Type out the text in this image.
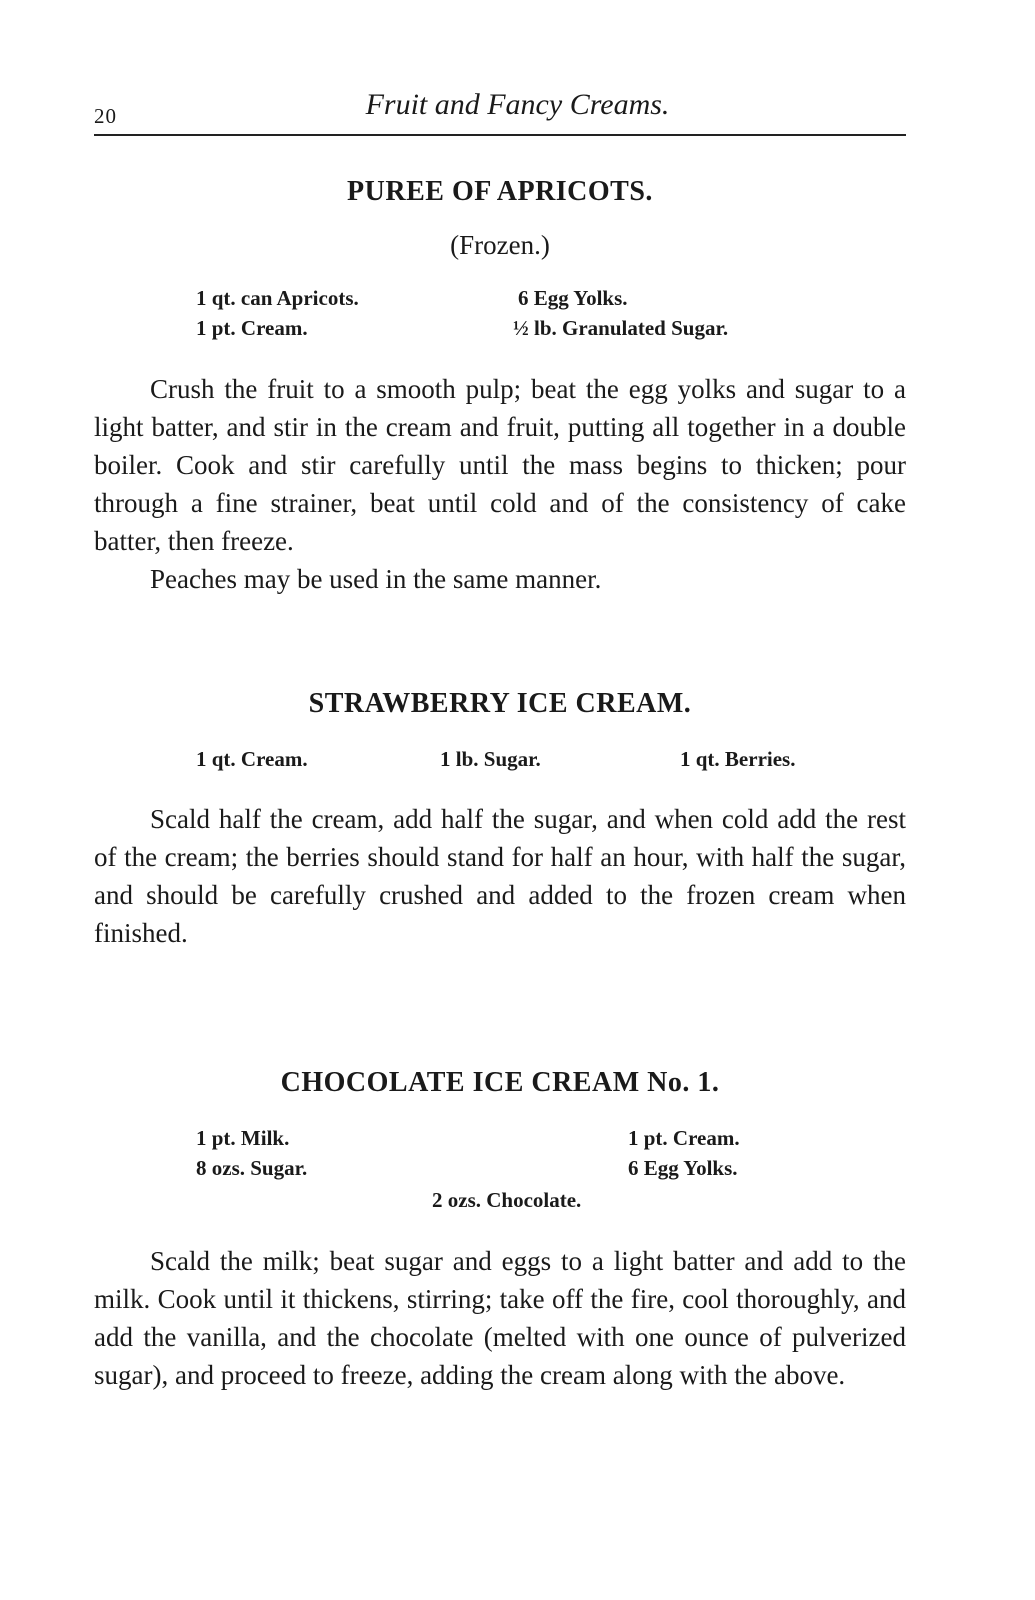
20	Fruit and Fancy Creams.
PUREE OF APRICOTS.
(Frozen.)
1 qt. can Apricots.	6 Egg Yolks.
1 pt. Cream.	½ lb. Granulated Sugar.

Crush the fruit to a smooth pulp; beat the egg yolks and sugar to a light batter, and stir in the cream and fruit, putting all together in a double boiler. Cook and stir carefully until the mass begins to thicken; pour through a fine strainer, beat until cold and of the consistency of cake batter, then freeze.

Peaches may be used in the same manner.

STRAWBERRY ICE CREAM.
1 qt. Cream.	1 lb. Sugar.	1 qt. Berries.

Scald half the cream, add half the sugar, and when cold add the rest of the cream; the berries should stand for half an hour, with half the sugar, and should be carefully crushed and added to the frozen cream when finished.

CHOCOLATE ICE CREAM No. 1.
1 pt. Milk.	1 pt. Cream.
8 ozs. Sugar.	6 Egg Yolks.
2 ozs. Chocolate.

Scald the milk; beat sugar and eggs to a light batter and add to the milk. Cook until it thickens, stirring; take off the fire, cool thoroughly, and add the vanilla, and the chocolate (melted with one ounce of pulverized sugar), and proceed to freeze, adding the cream along with the above.
